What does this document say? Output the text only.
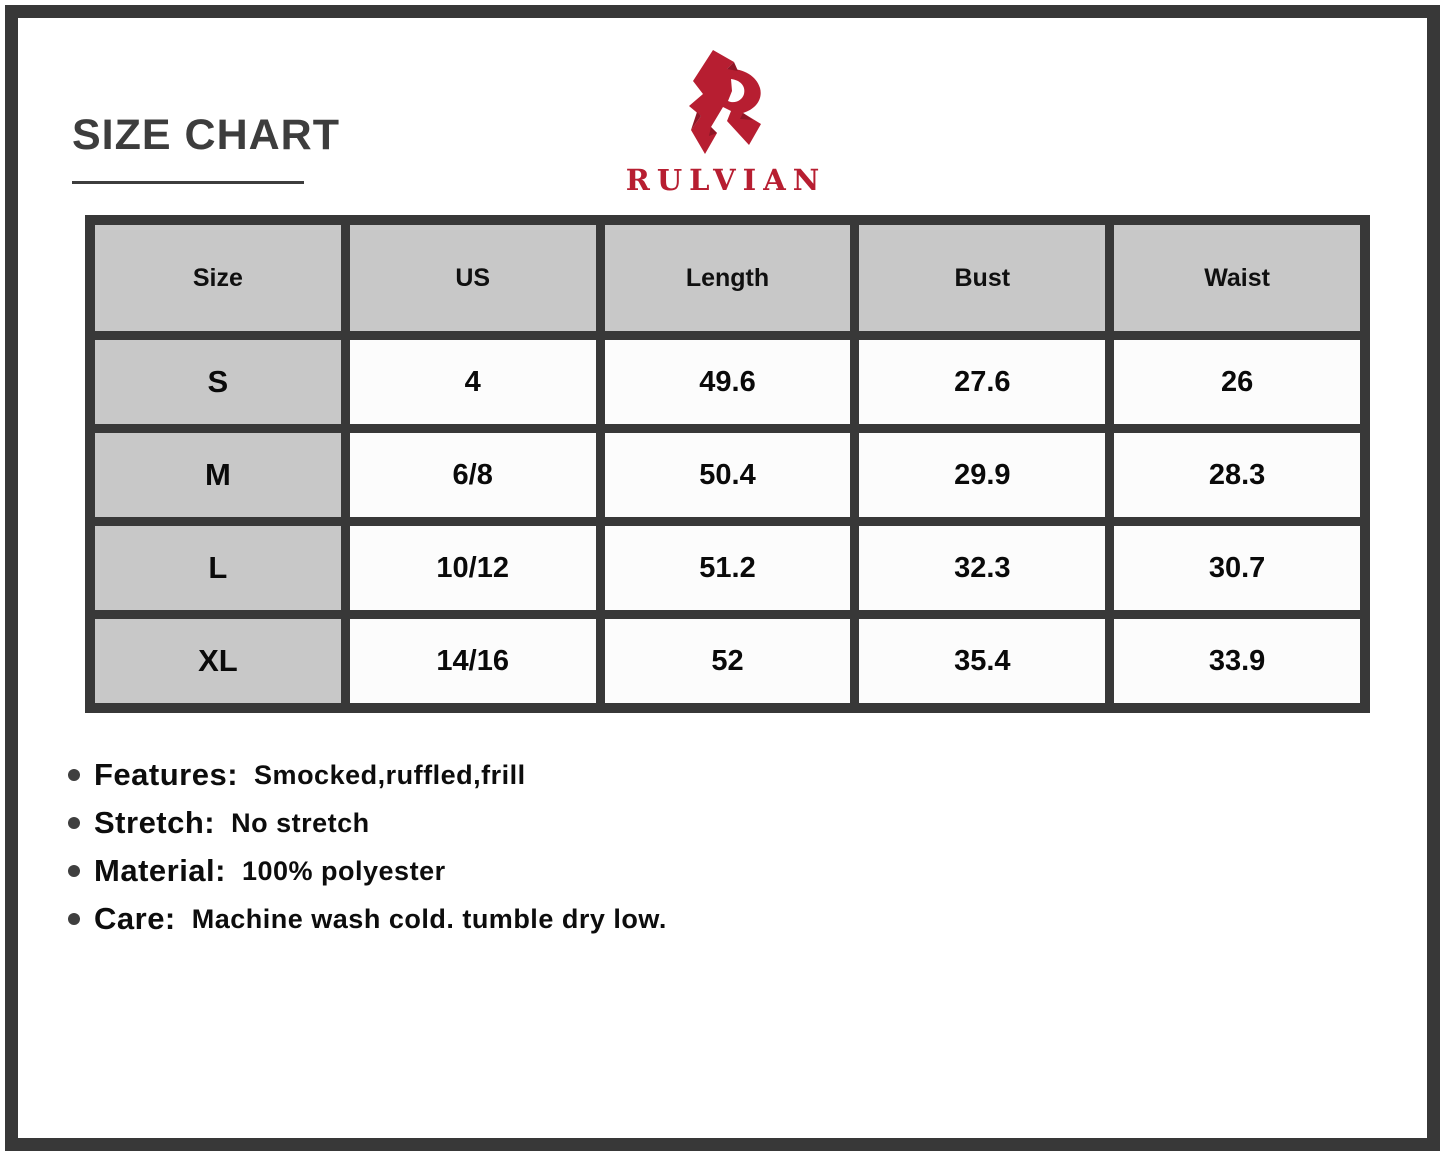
SIZE CHART
RULVIAN
Size	US	Length	Bust	Waist
S	4	49.6	27.6	26
M	6/8	50.4	29.9	28.3
L	10/12	51.2	32.3	30.7
XL	14/16	52	35.4	33.9
Features: Smocked,ruffled,frill
Stretch: No stretch
Material: 100% polyester
Care: Machine wash cold. tumble dry low.
